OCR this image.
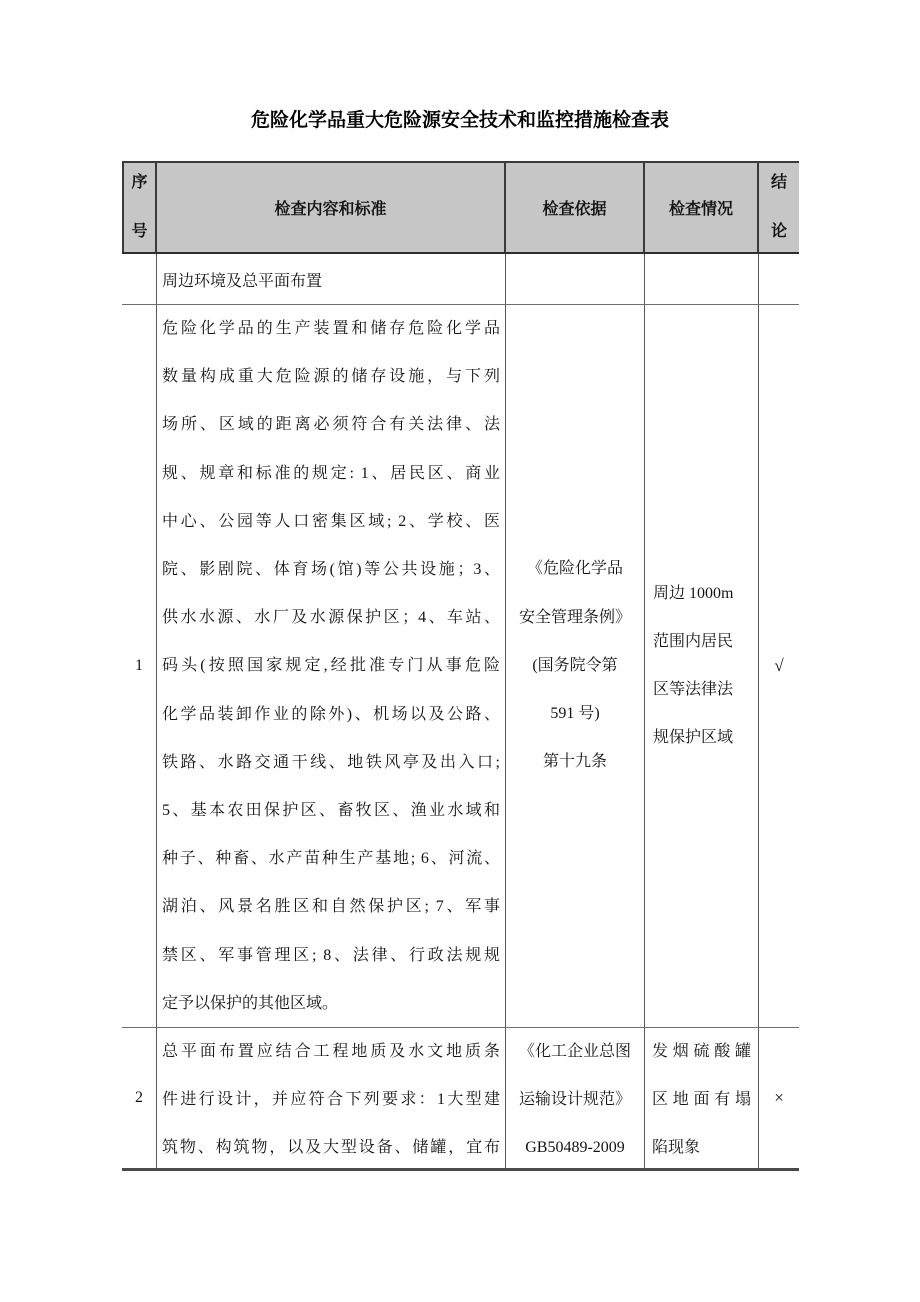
危险化学品重大危险源安全技术和监控措施检查表
序
号
检查内容和标准	检查依据	检查情况
结
论
周边环境及总平面布置
1
危险化学品的生产装置和储存危险化学品
数量构成重大危险源的储存设施，与下列
场所、区域的距离必须符合有关法律、法
规、规章和标准的规定: 1、居民区、商业
中心、公园等人口密集区域; 2、学校、医
院、影剧院、体育场(馆)等公共设施；3、
供水水源、水厂及水源保护区；4、车站、
码头(按照国家规定,经批准专门从事危险
化学品装卸作业的除外)、机场以及公路、
铁路、水路交通干线、地铁风亭及出入口;
5、基本农田保护区、畜牧区、渔业水域和
种子、种畜、水产苗种生产基地; 6、河流、
湖泊、风景名胜区和自然保护区; 7、军事
禁区、军事管理区; 8、法律、行政法规规
定予以保护的其他区域。
《危险化学品
安全管理条例》
(国务院令第
591 号)
第十九条
周边 1000m
范围内居民
区等法律法
规保护区域
√
2
总平面布置应结合工程地质及水文地质条
件进行设计，并应符合下列要求：1大型建
筑物、构筑物，以及大型设备、储罐，宜布
《化工企业总图
运输设计规范》
GB50489-2009
发烟硫酸罐
区地面有塌
陷现象
×
